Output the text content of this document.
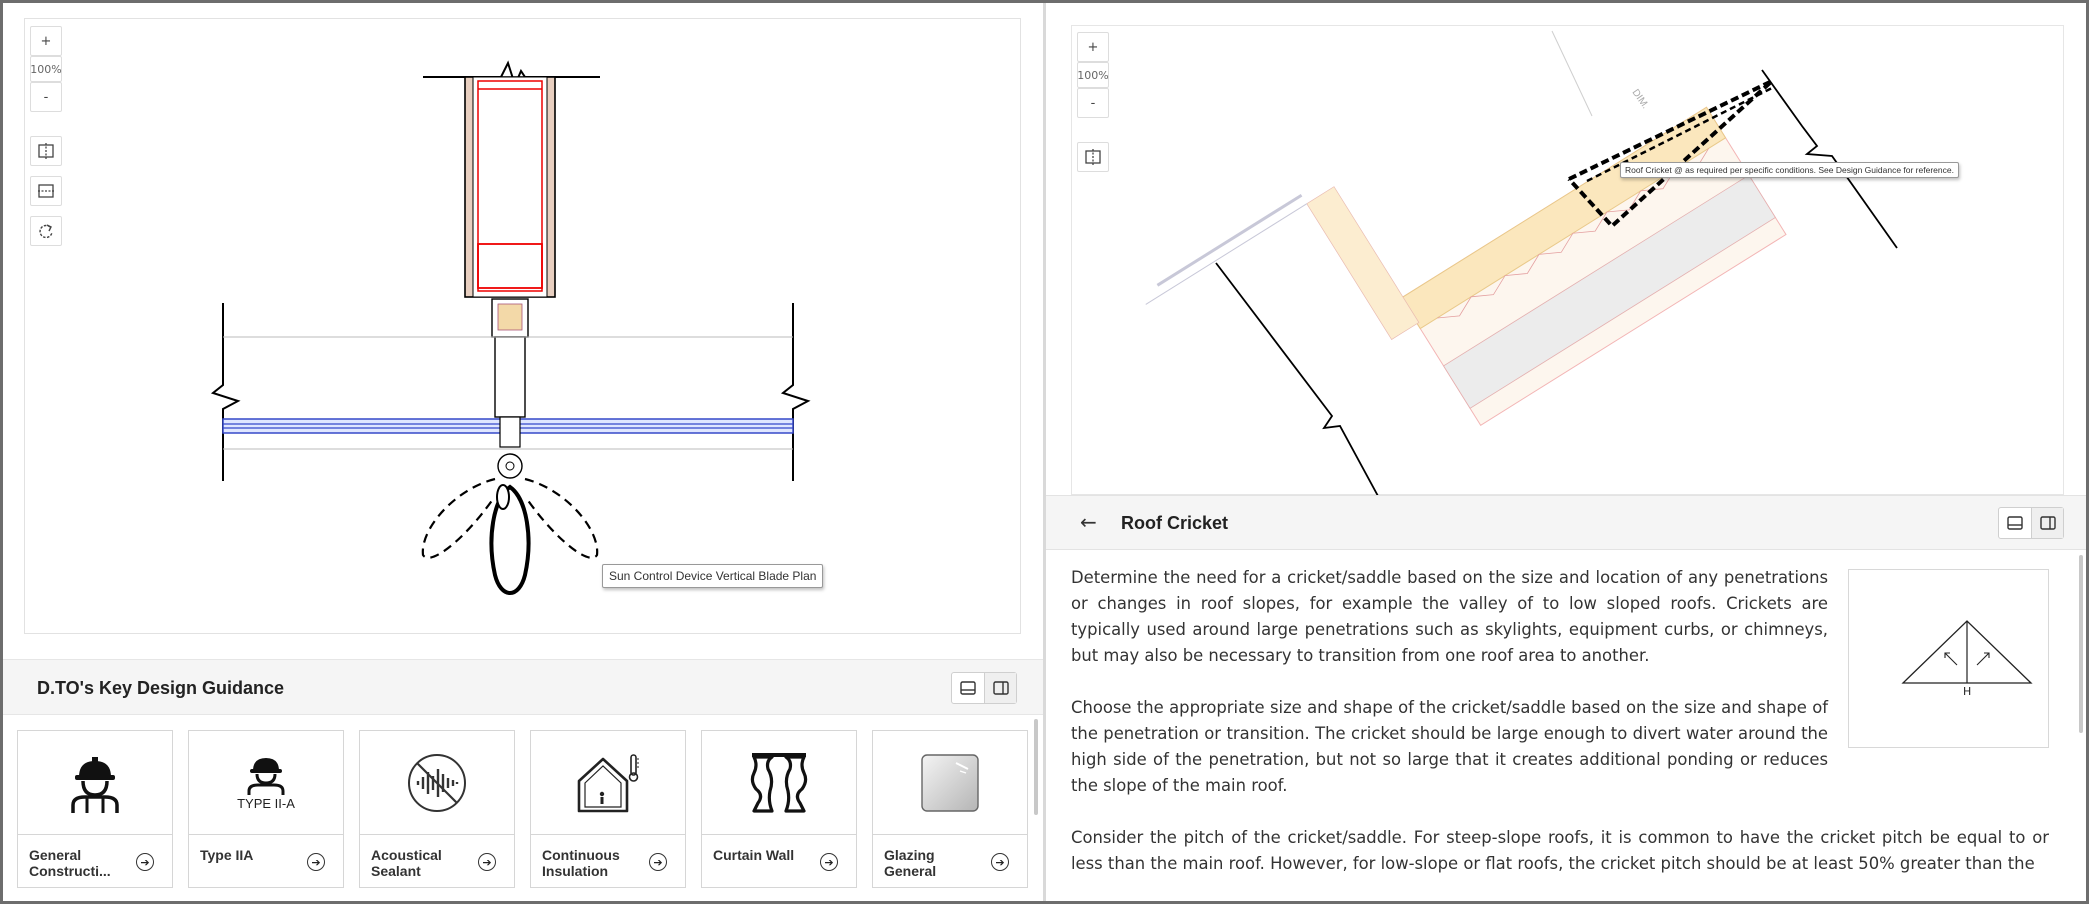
+
100%
-
Sun Control Device Vertical Blade Plan
D.TO's Key Design Guidance
General Constructi...
➔
TYPE II-A
Type IIA	➔	Acoustical Sealant
➔	Continuous Insulation
➔	Curtain Wall	➔	Glazing General
➔
DIM.
+
100%
-
Roof Cricket @ as required per specific conditions. See Design Guidance for reference.
← Roof Cricket
H

Determine the need for a cricket/saddle based on the size and location of any penetrations or changes in roof slopes, for example the valley of to low sloped roofs. Crickets are typically used around large penetrations such as skylights, equipment curbs, or chimneys, but may also be necessary to transition from one roof area to another.

Choose the appropriate size and shape of the cricket/saddle based on the size and shape of the penetration or transition. The cricket should be large enough to divert water around the high side of the penetration, but not so large that it creates additional ponding or reduces the slope of the main roof.

Consider the pitch of the cricket/saddle. For steep-slope roofs, it is common to have the cricket pitch be equal to or less than the main roof. However, for low-slope or flat roofs, the cricket pitch should be at least 50% greater than the
